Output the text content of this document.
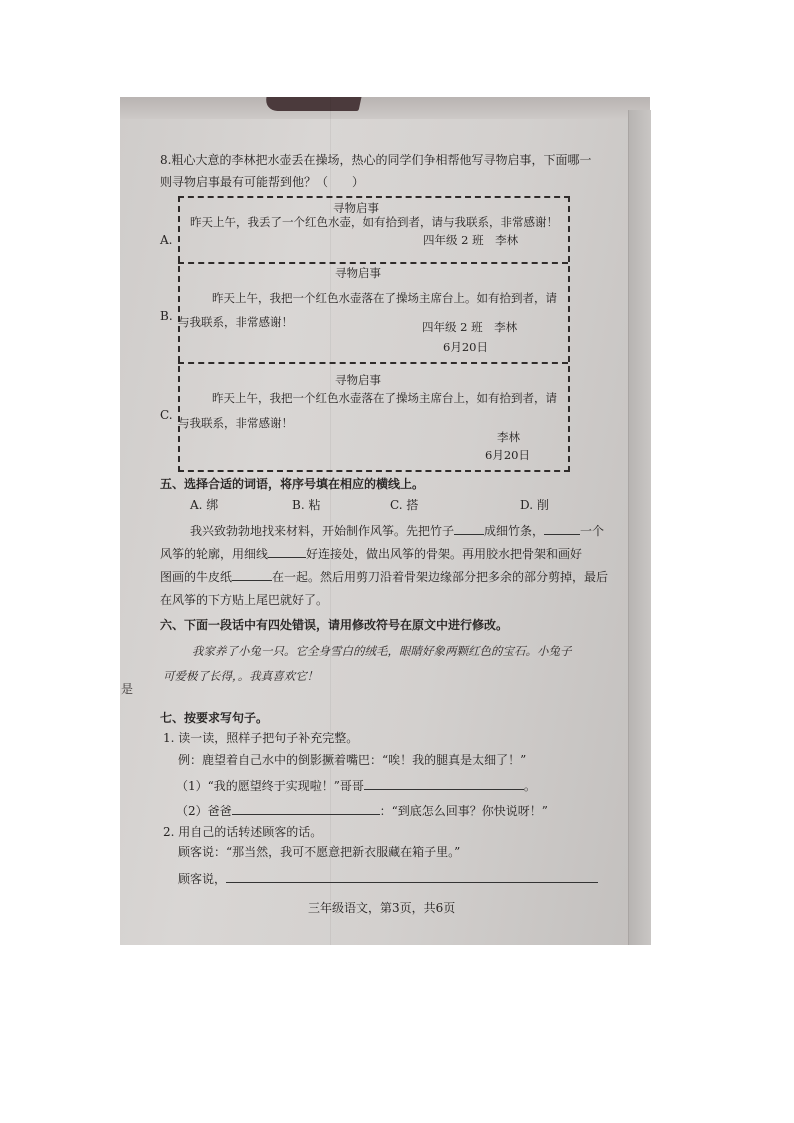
是
8.粗心大意的李林把水壶丢在操场，热心的同学们争相帮他写寻物启事，下面哪一
则寻物启事最有可能帮到他？（　　）
A.
寻物启事
昨天上午，我丢了一个红色水壶，如有拾到者，请与我联系，非常感谢！
四年级 2 班　李林
B.
寻物启事
昨天上午，我把一个红色水壶落在了操场主席台上。如有拾到者，请
与我联系，非常感谢！	四年级 2 班　李林
6月20日
C.
寻物启事
昨天上午，我把一个红色水壶落在了操场主席台上，如有拾到者，请
与我联系，非常感谢！
李林
6月20日
五、选择合适的词语，将序号填在相应的横线上。
A. 绑	B. 粘	C. 搭	D. 削
我兴致勃勃地找来材料，开始制作风筝。先把竹子	成细竹条，	一个
风筝的轮廓，用细线	好连接处，做出风筝的骨架。再用胶水把骨架和画好
图画的牛皮纸	在一起。然后用剪刀沿着骨架边缘部分把多余的部分剪掉，最后
在风筝的下方贴上尾巴就好了。
六、下面一段话中有四处错误，请用修改符号在原文中进行修改。
我家养了小兔一只。它全身雪白的绒毛，眼睛好象两颗红色的宝石。小兔子
可爱极了长得，。我真喜欢它！
七、按要求写句子。
1. 读一读，照样子把句子补充完整。
例：鹿望着自己水中的倒影撅着嘴巴：“唉！我的腿真是太细了！”
（1）“我的愿望终于实现啦！”哥哥	。
（2）爸爸	：“到底怎么回事？你快说呀！”
2. 用自己的话转述顾客的话。
顾客说：“那当然，我可不愿意把新衣服藏在箱子里。”
顾客说，
三年级语文，第3页，共6页
